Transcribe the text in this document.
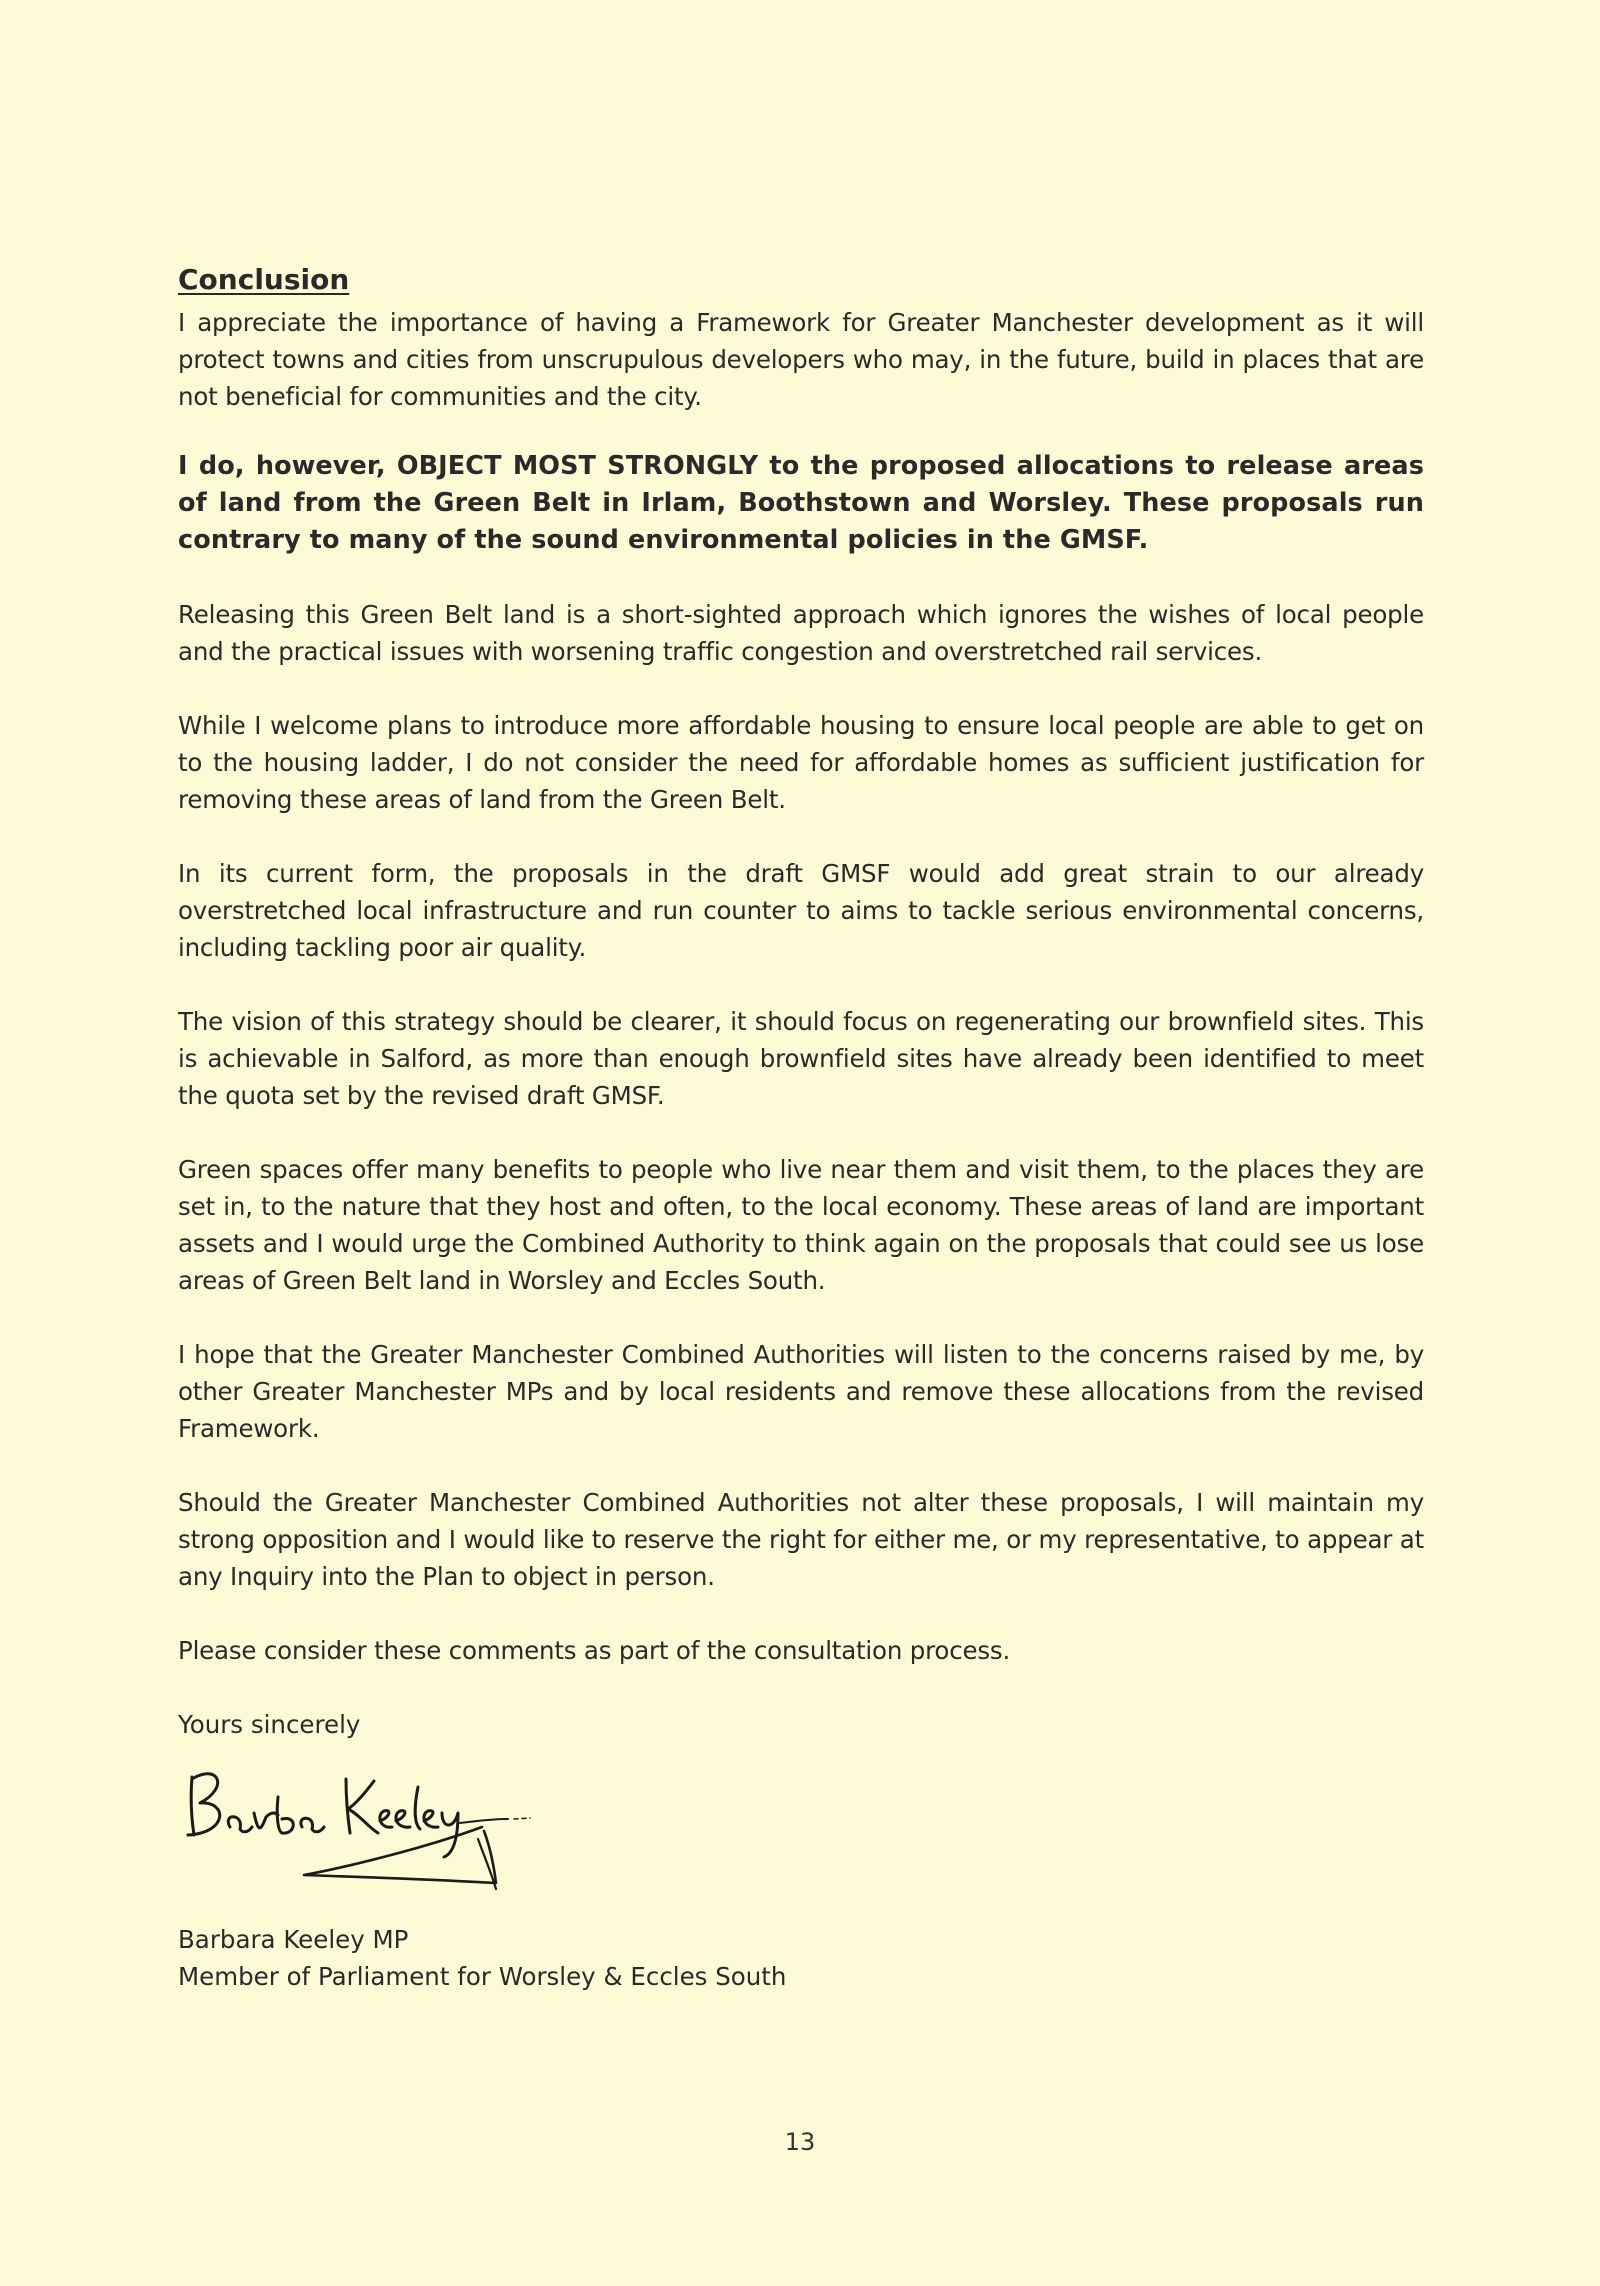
Conclusion

I appreciate the importance of having a Framework for Greater Manchester development as it will protect towns and cities from unscrupulous developers who may, in the future, build in places that are not beneficial for communities and the city.

I do, however, OBJECT MOST STRONGLY to the proposed allocations to release areas of land from the Green Belt in Irlam, Boothstown and Worsley. These proposals run contrary to many of the sound environmental policies in the GMSF.

Releasing this Green Belt land is a short-sighted approach which ignores the wishes of local people and the practical issues with worsening traffic congestion and overstretched rail services.

While I welcome plans to introduce more affordable housing to ensure local people are able to get on to the housing ladder, I do not consider the need for affordable homes as sufficient justification for removing these areas of land from the Green Belt.

In its current form, the proposals in the draft GMSF would add great strain to our already overstretched local infrastructure and run counter to aims to tackle serious environmental concerns, including tackling poor air quality.

The vision of this strategy should be clearer, it should focus on regenerating our brownfield sites. This is achievable in Salford, as more than enough brownfield sites have already been identified to meet the quota set by the revised draft GMSF.

Green spaces offer many benefits to people who live near them and visit them, to the places they are set in, to the nature that they host and often, to the local economy. These areas of land are important assets and I would urge the Combined Authority to think again on the proposals that could see us lose areas of Green Belt land in Worsley and Eccles South.

I hope that the Greater Manchester Combined Authorities will listen to the concerns raised by me, by other Greater Manchester MPs and by local residents and remove these allocations from the revised Framework.

Should the Greater Manchester Combined Authorities not alter these proposals, I will maintain my strong opposition and I would like to reserve the right for either me, or my representative, to appear at any Inquiry into the Plan to object in person.

Please consider these comments as part of the consultation process.

Yours sincerely

Barbara Keeley MP

Member of Parliament for Worsley & Eccles South

13
